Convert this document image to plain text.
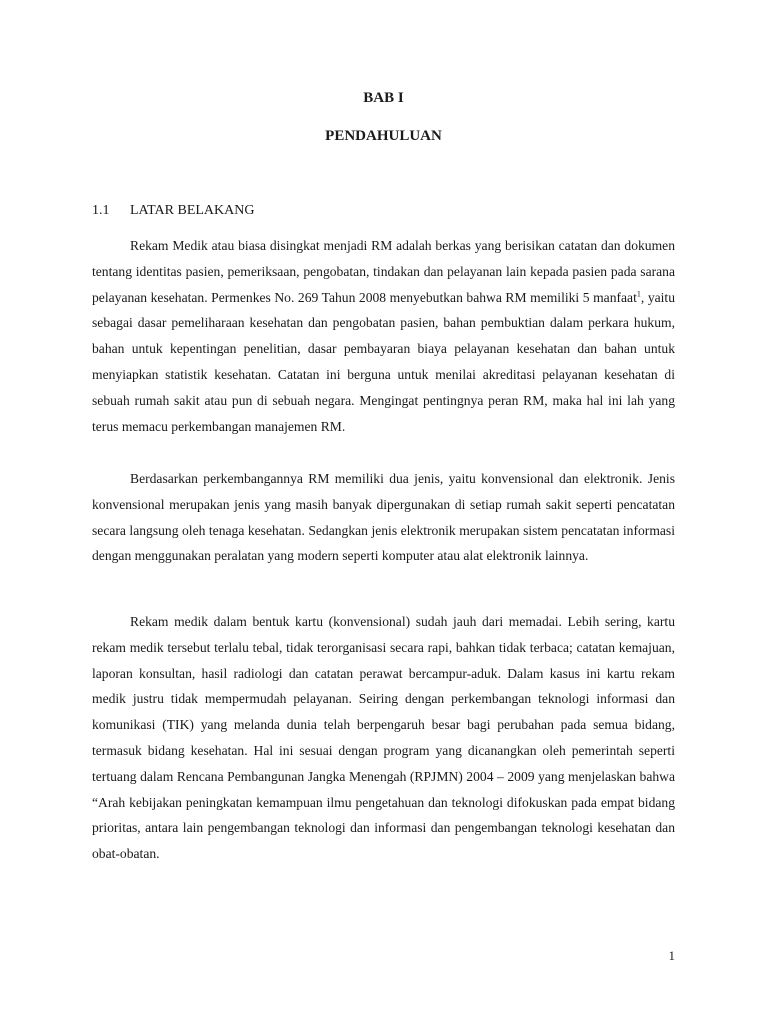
BAB I
PENDAHULUAN
1.1 LATAR BELAKANG

Rekam Medik atau biasa disingkat menjadi RM adalah berkas yang berisikan catatan dan dokumen tentang identitas pasien, pemeriksaan, pengobatan, tindakan dan pelayanan lain kepada pasien pada sarana pelayanan kesehatan. Permenkes No. 269 Tahun 2008 menyebutkan bahwa RM memiliki 5 manfaat$^1$, yaitu sebagai dasar pemeliharaan kesehatan dan pengobatan pasien, bahan pembuktian dalam perkara hukum, bahan untuk kepentingan penelitian, dasar pembayaran biaya pelayanan kesehatan dan bahan untuk menyiapkan statistik kesehatan. Catatan ini berguna untuk menilai akreditasi pelayanan kesehatan di sebuah rumah sakit atau pun di sebuah negara. Mengingat pentingnya peran RM, maka hal ini lah yang terus memacu perkembangan manajemen RM.

Berdasarkan perkembangannya RM memiliki dua jenis, yaitu konvensional dan elektronik. Jenis konvensional merupakan jenis yang masih banyak dipergunakan di setiap rumah sakit seperti pencatatan secara langsung oleh tenaga kesehatan. Sedangkan jenis elektronik merupakan sistem pencatatan informasi dengan menggunakan peralatan yang modern seperti komputer atau alat elektronik lainnya.

Rekam medik dalam bentuk kartu (konvensional) sudah jauh dari memadai. Lebih sering, kartu rekam medik tersebut terlalu tebal, tidak terorganisasi secara rapi, bahkan tidak terbaca; catatan kemajuan, laporan konsultan, hasil radiologi dan catatan perawat bercampur-aduk. Dalam kasus ini kartu rekam medik justru tidak mempermudah pelayanan. Seiring dengan perkembangan teknologi informasi dan komunikasi (TIK) yang melanda dunia telah berpengaruh besar bagi perubahan pada semua bidang, termasuk bidang kesehatan. Hal ini sesuai dengan program yang dicanangkan oleh pemerintah seperti tertuang dalam Rencana Pembangunan Jangka Menengah (RPJMN) 2004 – 2009 yang menjelaskan bahwa “Arah kebijakan peningkatan kemampuan ilmu pengetahuan dan teknologi difokuskan pada empat bidang prioritas, antara lain pengembangan teknologi dan informasi dan pengembangan teknologi kesehatan dan obat-obatan.

1
